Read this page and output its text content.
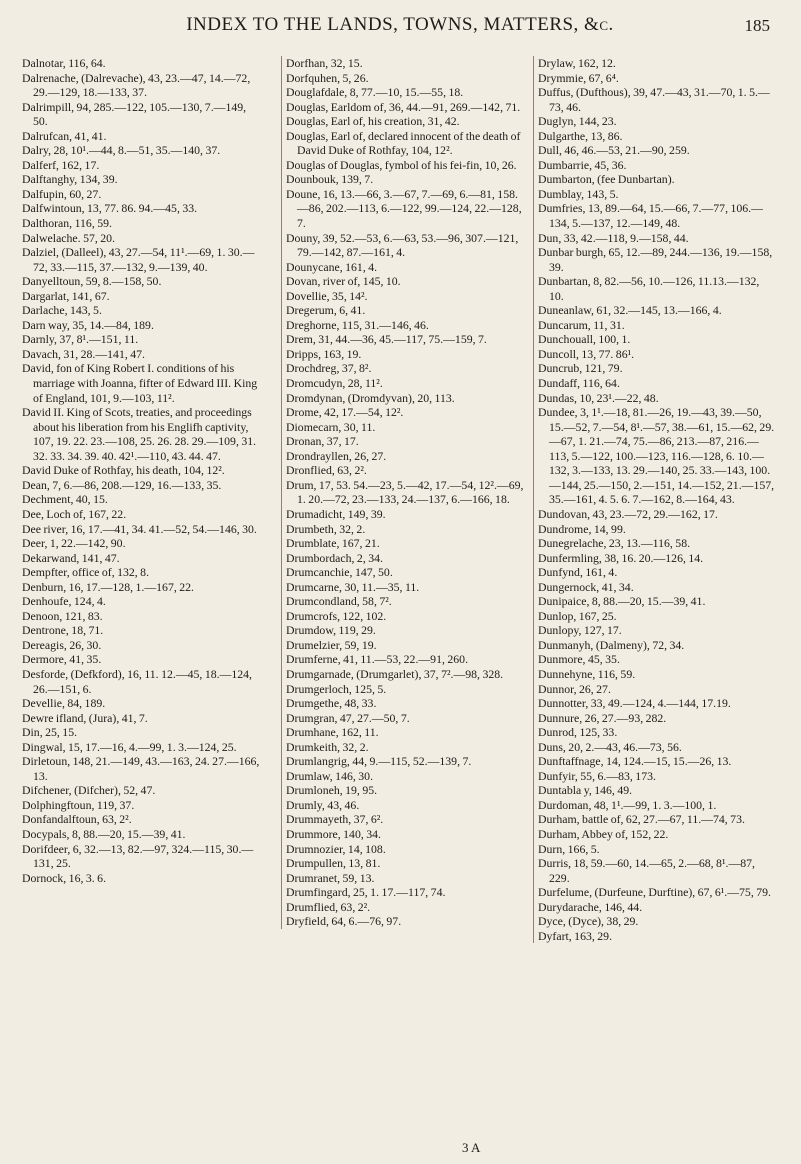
INDEX TO THE LANDS, TOWNS, MATTERS, &c.	185

Dalnotar, 116, 64.

Dalrenache, (Dalrevache), 43, 23.—47, 14.—72, 29.—129, 18.—133, 37.

Dalrimpill, 94, 285.—122, 105.—130, 7.—149, 50.

Dalrufcan, 41, 41.

Dalry, 28, 10¹.—44, 8.—51, 35.—140, 37.

Dalferf, 162, 17.

Dalftanghy, 134, 39.

Dalfupin, 60, 27.

Dalfwintoun, 13, 77. 86. 94.—45, 33.

Dalthoran, 116, 59.

Dalwelache. 57, 20.

Dalziel, (Dalleel), 43, 27.—54, 11¹.—69, 1. 30.—72, 33.—115, 37.—132, 9.—139, 40.

Danyelltoun, 59, 8.—158, 50.

Dargarlat, 141, 67.

Darlache, 143, 5.

Darn way, 35, 14.—84, 189.

Darnly, 37, 8¹.—151, 11.

Davach, 31, 28.—141, 47.

David, fon of King Robert I. conditions of his marriage with Joanna, fifter of Edward III. King of England, 101, 9.—103, 11².

David II. King of Scots, treaties, and proceedings about his liberation from his Englifh captivity, 107, 19. 22. 23.—108, 25. 26. 28. 29.—109, 31. 32. 33. 34. 39. 40. 42¹.—110, 43. 44. 47.

David Duke of Rothfay, his death, 104, 12².

Dean, 7, 6.—86, 208.—129, 16.—133, 35.

Dechment, 40, 15.

Dee, Loch of, 167, 22.

Dee river, 16, 17.—41, 34. 41.—52, 54.—146, 30.

Deer, 1, 22.—142, 90.

Dekarwand, 141, 47.

Dempfter, office of, 132, 8.

Denburn, 16, 17.—128, 1.—167, 22.

Denhoufe, 124, 4.

Denoon, 121, 83.

Dentrone, 18, 71.

Dereagis, 26, 30.

Dermore, 41, 35.

Desforde, (Defkford), 16, 11. 12.—45, 18.—124, 26.—151, 6.

Devellie, 84, 189.

Dewre ifland, (Jura), 41, 7.

Din, 25, 15.

Dingwal, 15, 17.—16, 4.—99, 1. 3.—124, 25.

Dirletoun, 148, 21.—149, 43.—163, 24. 27.—166, 13.

Difchener, (Difcher), 52, 47.

Dolphingftoun, 119, 37.

Donfandalftoun, 63, 2².

Docypals, 8, 88.—20, 15.—39, 41.

Dorifdeer, 6, 32.—13, 82.—97, 324.—115, 30.—131, 25.

Dornock, 16, 3. 6.

Dorfhan, 32, 15.

Dorfquhen, 5, 26.

Douglafdale, 8, 77.—10, 15.—55, 18.

Douglas, Earldom of, 36, 44.—91, 269.—142, 71.

Douglas, Earl of, his creation, 31, 42.

Douglas, Earl of, declared innocent of the death of David Duke of Rothfay, 104, 12².

Douglas of Douglas, fymbol of his fei-fin, 10, 26.

Dounbouk, 139, 7.

Doune, 16, 13.—66, 3.—67, 7.—69, 6.—81, 158.—86, 202.—113, 6.—122, 99.—124, 22.—128, 7.

Douny, 39, 52.—53, 6.—63, 53.—96, 307.—121, 79.—142, 87.—161, 4.

Dounycane, 161, 4.

Dovan, river of, 145, 10.

Dovellie, 35, 14².

Dregerum, 6, 41.

Dreghorne, 115, 31.—146, 46.

Drem, 31, 44.—36, 45.—117, 75.—159, 7.

Dripps, 163, 19.

Drochdreg, 37, 8².

Dromcudyn, 28, 11².

Dromdynan, (Dromdyvan), 20, 113.

Drome, 42, 17.—54, 12².

Diomecarn, 30, 11.

Dronan, 37, 17.

Drondrayllen, 26, 27.

Dronflied, 63, 2².

Drum, 17, 53. 54.—23, 5.—42, 17.—54, 12².—69, 1. 20.—72, 23.—133, 24.—137, 6.—166, 18.

Drumadicht, 149, 39.

Drumbeth, 32, 2.

Drumblate, 167, 21.

Drumbordach, 2, 34.

Drumcanchie, 147, 50.

Drumcarne, 30, 11.—35, 11.

Drumcondland, 58, 7².

Drumcrofs, 122, 102.

Drumdow, 119, 29.

Drumelzier, 59, 19.

Drumferne, 41, 11.—53, 22.—91, 260.

Drumgarnade, (Drumgarlet), 37, 7².—98, 328.

Drumgerloch, 125, 5.

Drumgethe, 48, 33.

Drumgran, 47, 27.—50, 7.

Drumhane, 162, 11.

Drumkeith, 32, 2.

Drumlangrig, 44, 9.—115, 52.—139, 7.

Drumlaw, 146, 30.

Drumloneh, 19, 95.

Drumly, 43, 46.

Drummayeth, 37, 6².

Drummore, 140, 34.

Drumnozier, 14, 108.

Drumpullen, 13, 81.

Drumranet, 59, 13.

Drumfingard, 25, 1. 17.—117, 74.

Drumflied, 63, 2².

Dryfield, 64, 6.—76, 97.

Drylaw, 162, 12.

Drymmie, 67, 6⁴.

Duffus, (Dufthous), 39, 47.—43, 31.—70, 1. 5.—73, 46.

Duglyn, 144, 23.

Dulgarthe, 13, 86.

Dull, 46, 46.—53, 21.—90, 259.

Dumbarrie, 45, 36.

Dumbarton, (fee Dunbartan).

Dumblay, 143, 5.

Dumfries, 13, 89.—64, 15.—66, 7.—77, 106.—134, 5.—137, 12.—149, 48.

Dun, 33, 42.—118, 9.—158, 44.

Dunbar burgh, 65, 12.—89, 244.—136, 19.—158, 39.

Dunbartan, 8, 82.—56, 10.—126, 11.13.—132, 10.

Duneanlaw, 61, 32.—145, 13.—166, 4.

Duncarum, 11, 31.

Dunchouall, 100, 1.

Duncoll, 13, 77. 86¹.

Duncrub, 121, 79.

Dundaff, 116, 64.

Dundas, 10, 23¹.—22, 48.

Dundee, 3, 1¹.—18, 81.—26, 19.—43, 39.—50, 15.—52, 7.—54, 8¹.—57, 38.—61, 15.—62, 29.—67, 1. 21.—74, 75.—86, 213.—87, 216.—113, 5.—122, 100.—123, 116.—128, 6. 10.—132, 3.—133, 13. 29.—140, 25. 33.—143, 100.—144, 25.—150, 2.—151, 14.—152, 21.—157, 35.—161, 4. 5. 6. 7.—162, 8.—164, 43.

Dundovan, 43, 23.—72, 29.—162, 17.

Dundrome, 14, 99.

Dunegrelache, 23, 13.—116, 58.

Dunfermling, 38, 16. 20.—126, 14.

Dunfynd, 161, 4.

Dungernock, 41, 34.

Dunipaice, 8, 88.—20, 15.—39, 41.

Dunlop, 167, 25.

Dunlopy, 127, 17.

Dunmanyh, (Dalmeny), 72, 34.

Dunmore, 45, 35.

Dunnehyne, 116, 59.

Dunnor, 26, 27.

Dunnotter, 33, 49.—124, 4.—144, 17.19.

Dunnure, 26, 27.—93, 282.

Dunrod, 125, 33.

Duns, 20, 2.—43, 46.—73, 56.

Dunftaffnage, 14, 124.—15, 15.—26, 13.

Dunfyir, 55, 6.—83, 173.

Duntabla y, 146, 49.

Durdoman, 48, 1¹.—99, 1. 3.—100, 1.

Durham, battle of, 62, 27.—67, 11.—74, 73.

Durham, Abbey of, 152, 22.

Durn, 166, 5.

Durris, 18, 59.—60, 14.—65, 2.—68, 8¹.—87, 229.

Durfelume, (Durfeune, Durftine), 67, 6¹.—75, 79.

Durydarache, 146, 44.

Dyce, (Dyce), 38, 29.

Dyfart, 163, 29.

3 A
